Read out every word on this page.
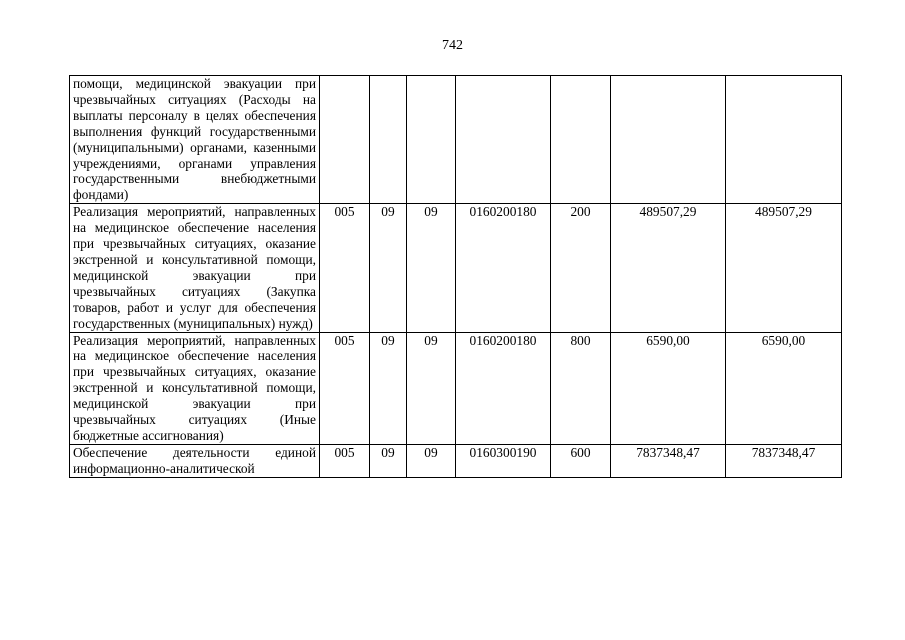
742
помощи, медицинской эвакуации при чрезвычайных ситуациях (Расходы на выплаты персоналу в целях обеспечения выполнения функций государственными (муниципальными) органами, казенными учреждениями, органами управления государственными внебюджетными фондами)							
Реализация мероприятий, направленных на медицинское обеспечение населения при чрезвычайных ситуациях, оказание экстренной и консультативной помощи, медицинской эвакуации при чрезвычайных ситуациях (Закупка товаров, работ и услуг для обеспечения государственных (муниципальных) нужд)	005	09	09	0160200180	200	489507,29	489507,29
Реализация мероприятий, направленных на медицинское обеспечение населения при чрезвычайных ситуациях, оказание экстренной и консультативной помощи, медицинской эвакуации при чрезвычайных ситуациях (Иные бюджетные ассигнования)	005	09	09	0160200180	800	6590,00	6590,00
Обеспечение деятельности единой информационно-аналитической	005	09	09	0160300190	600	7837348,47	7837348,47
